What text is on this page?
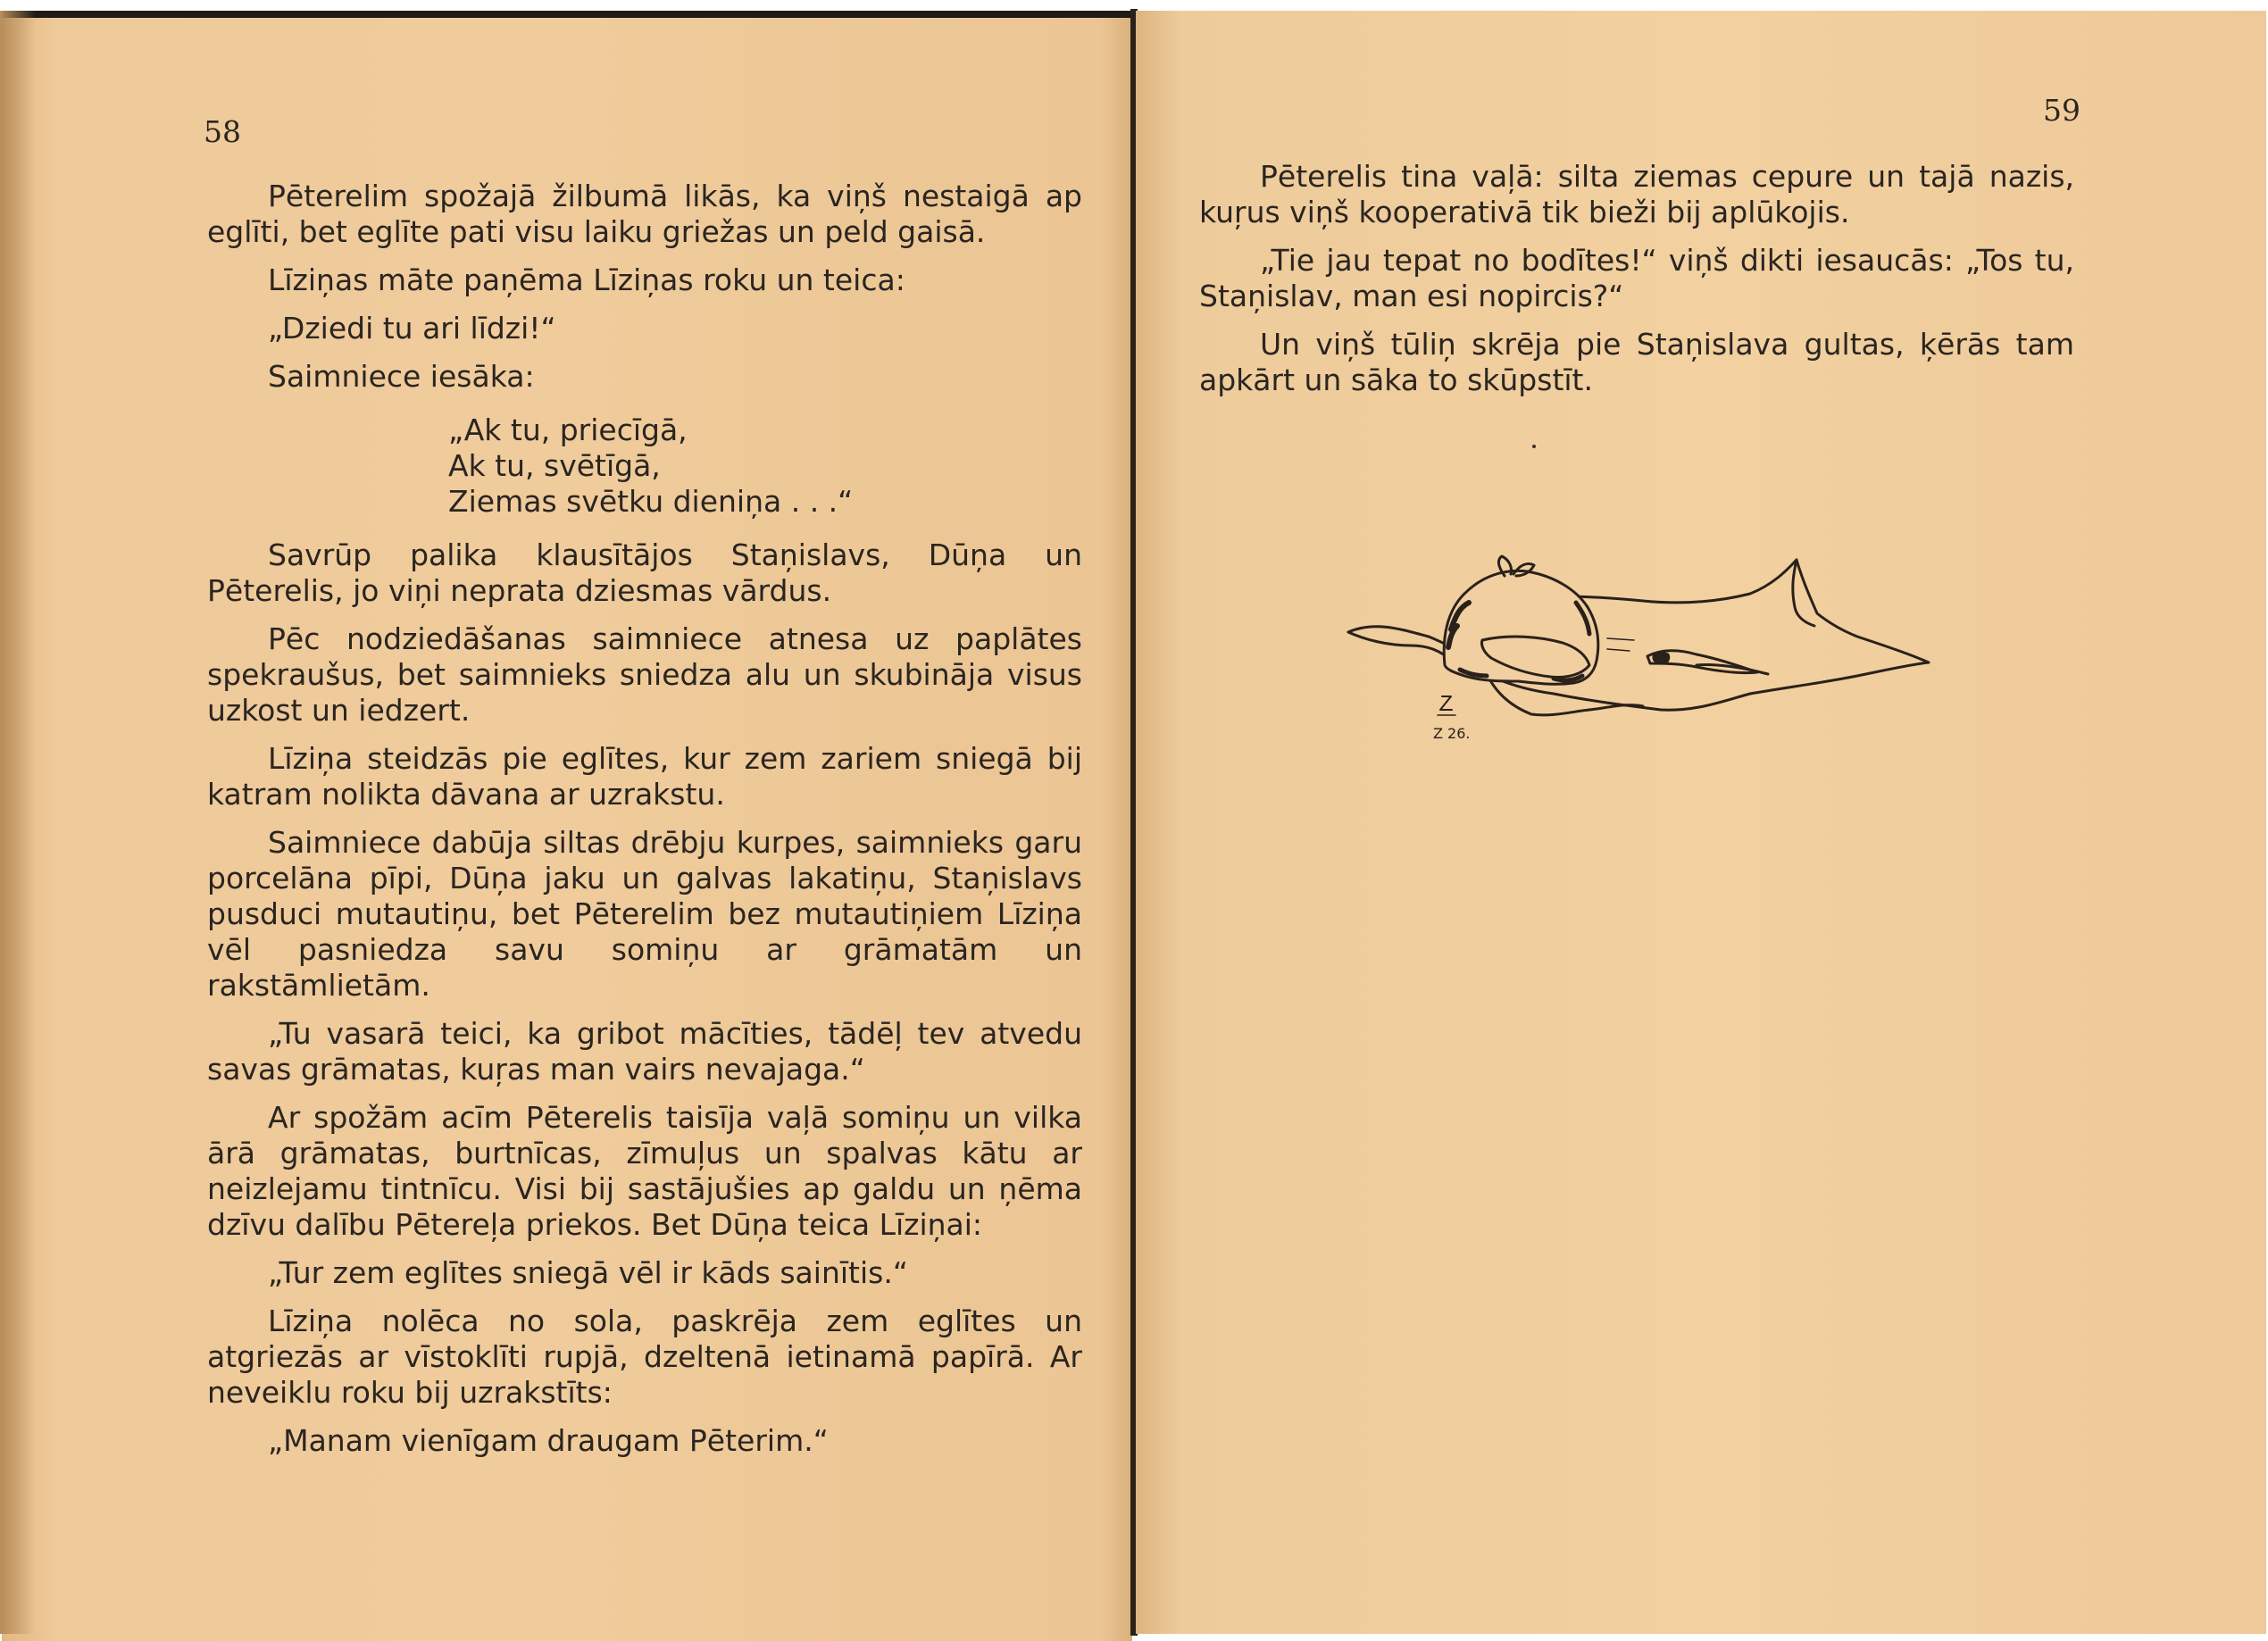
58

Pēterelim spožajā žilbumā likās, ka viņš nestaigā ap eglīti, bet eglīte pati visu laiku griežas un peld gaisā.

Līziņas māte paņēma Līziņas roku un teica:

„Dziedi tu ari līdzi!“

Saimniece iesāka:

„Ak tu, priecīgā,
Ak tu, svētīgā,
Ziemas svētku dieniņa . . .“

Savrūp palika klausītājos Staņislavs, Dūņa un Pēterelis, jo viņi neprata dziesmas vārdus.

Pēc nodziedāšanas saimniece atnesa uz paplātes spekraušus, bet saimnieks sniedza alu un skubināja visus uzkost un iedzert.

Līziņa steidzās pie eglītes, kur zem zariem sniegā bij katram nolikta dāvana ar uzrakstu.

Saimniece dabūja siltas drēbju kurpes, saimnieks garu porcelāna pīpi, Dūņa jaku un galvas lakatiņu, Staņislavs pusduci mutautiņu, bet Pēterelim bez mutautiņiem Līziņa vēl pasniedza savu somiņu ar grāmatām un rakstāmlietām.

„Tu vasarā teici, ka gribot mācīties, tādēļ tev atvedu savas grāmatas, kuŗas man vairs nevajaga.“

Ar spožām acīm Pēterelis taisīja vaļā somiņu un vilka ārā grāmatas, burtnīcas, zīmuļus un spalvas kātu ar neizlejamu tintnīcu. Visi bij sastājušies ap galdu un ņēma dzīvu dalību Pētereļa priekos. Bet Dūņa teica Līziņai:

„Tur zem eglītes sniegā vēl ir kāds sainītis.“

Līziņa nolēca no sola, paskrēja zem eglītes un atgriezās ar vīstoklīti rupjā, dzeltenā ietinamā papīrā. Ar neveiklu roku bij uzrakstīts:

„Manam vienīgam draugam Pēterim.“

59

Pēterelis tina vaļā: silta ziemas cepure un tajā nazis, kuŗus viņš kooperativā tik bieži bij aplūkojis.

„Tie jau tepat no bodītes!“ viņš dikti iesaucās: „Tos tu, Staņislav, man esi nopircis?“

Un viņš tūliņ skrēja pie Staņislava gultas, ķērās tam apkārt un sāka to skūpstīt.

Z 26.
